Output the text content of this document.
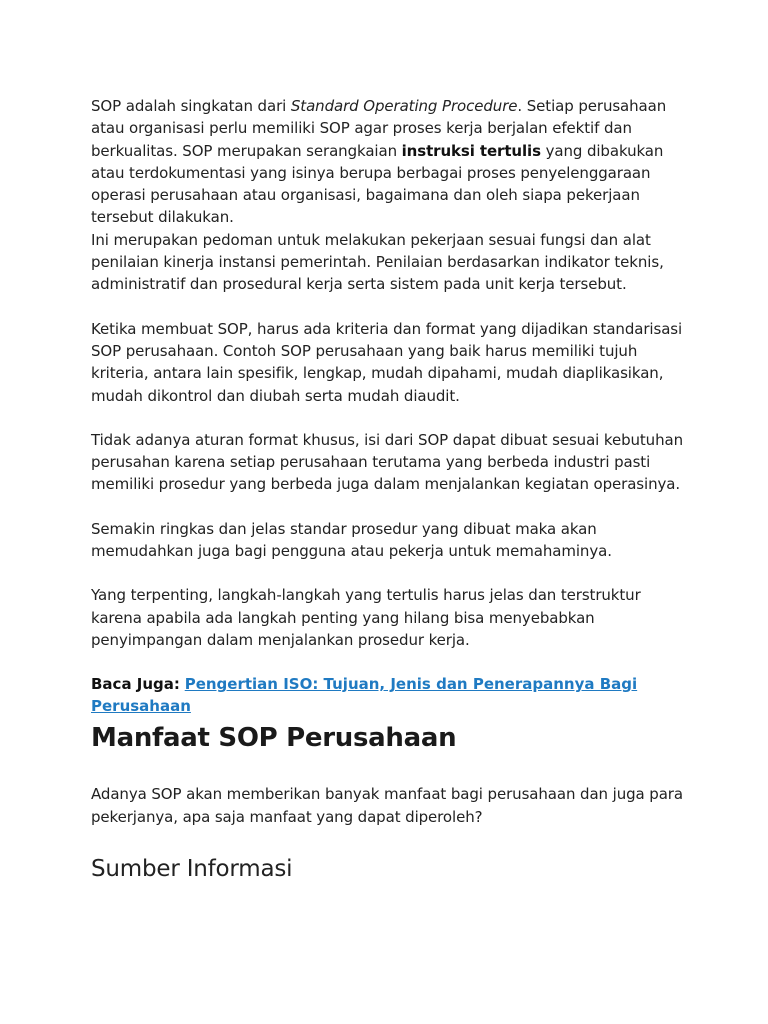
SOP adalah singkatan dari Standard Operating Procedure. Setiap perusahaan atau organisasi perlu memiliki SOP agar proses kerja berjalan efektif dan berkualitas. SOP merupakan serangkaian instruksi tertulis yang dibakukan atau terdokumentasi yang isinya berupa berbagai proses penyelenggaraan operasi perusahaan atau organisasi, bagaimana dan oleh siapa pekerjaan tersebut dilakukan.

Ini merupakan pedoman untuk melakukan pekerjaan sesuai fungsi dan alat penilaian kinerja instansi pemerintah. Penilaian berdasarkan indikator teknis, administratif dan prosedural kerja serta sistem pada unit kerja tersebut.

Ketika membuat SOP, harus ada kriteria dan format yang dijadikan standarisasi SOP perusahaan. Contoh SOP perusahaan yang baik harus memiliki tujuh kriteria, antara lain spesifik, lengkap, mudah dipahami, mudah diaplikasikan, mudah dikontrol dan diubah serta mudah diaudit.

Tidak adanya aturan format khusus, isi dari SOP dapat dibuat sesuai kebutuhan perusahan karena setiap perusahaan terutama yang berbeda industri pasti memiliki prosedur yang berbeda juga dalam menjalankan kegiatan operasinya.

Semakin ringkas dan jelas standar prosedur yang dibuat maka akan memudahkan juga bagi pengguna atau pekerja untuk memahaminya.

Yang terpenting, langkah-langkah yang tertulis harus jelas dan terstruktur karena apabila ada langkah penting yang hilang bisa menyebabkan penyimpangan dalam menjalankan prosedur kerja.

Baca Juga: Pengertian ISO: Tujuan, Jenis dan Penerapannya Bagi Perusahaan

Manfaat SOP Perusahaan

Adanya SOP akan memberikan banyak manfaat bagi perusahaan dan juga para pekerjanya, apa saja manfaat yang dapat diperoleh?

Sumber Informasi
